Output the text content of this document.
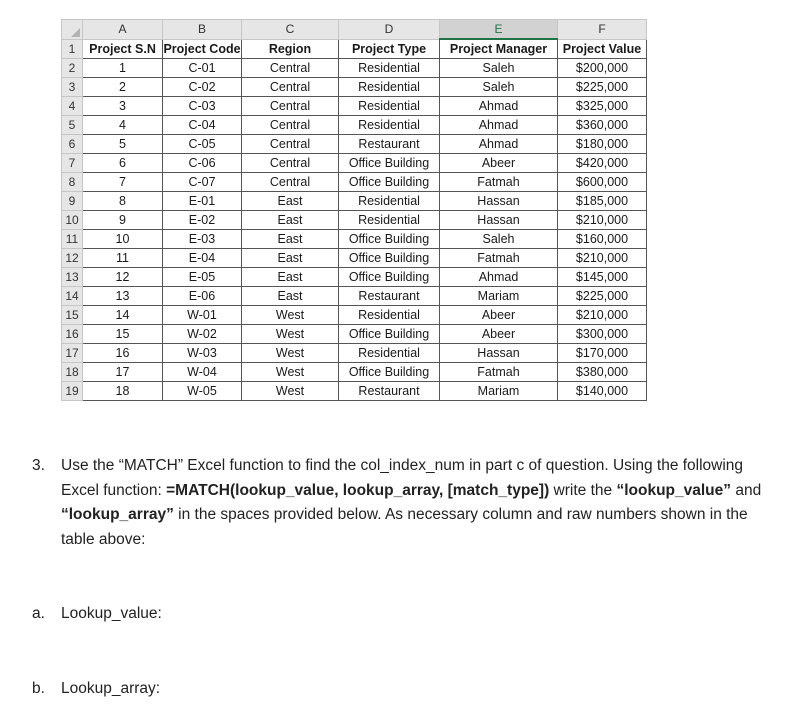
	A	B	C	D	E	F
1	Project S.N	Project Code	Region	Project Type	Project Manager	Project Value
2	1	C-01	Central	Residential	Saleh	$200,000
3	2	C-02	Central	Residential	Saleh	$225,000
4	3	C-03	Central	Residential	Ahmad	$325,000
5	4	C-04	Central	Residential	Ahmad	$360,000
6	5	C-05	Central	Restaurant	Ahmad	$180,000
7	6	C-06	Central	Office Building	Abeer	$420,000
8	7	C-07	Central	Office Building	Fatmah	$600,000
9	8	E-01	East	Residential	Hassan	$185,000
10	9	E-02	East	Residential	Hassan	$210,000
11	10	E-03	East	Office Building	Saleh	$160,000
12	11	E-04	East	Office Building	Fatmah	$210,000
13	12	E-05	East	Office Building	Ahmad	$145,000
14	13	E-06	East	Restaurant	Mariam	$225,000
15	14	W-01	West	Residential	Abeer	$210,000
16	15	W-02	West	Office Building	Abeer	$300,000
17	16	W-03	West	Residential	Hassan	$170,000
18	17	W-04	West	Office Building	Fatmah	$380,000
19	18	W-05	West	Restaurant	Mariam	$140,000
3. Use the “MATCH” Excel function to find the col_index_num in part c of question. Using the following Excel function: =MATCH(lookup_value, lookup_array, [match_type]) write the “lookup_value” and “lookup_array” in the spaces provided below. As necessary column and raw numbers shown in the table above:
a. Lookup_value:
b. Lookup_array:
